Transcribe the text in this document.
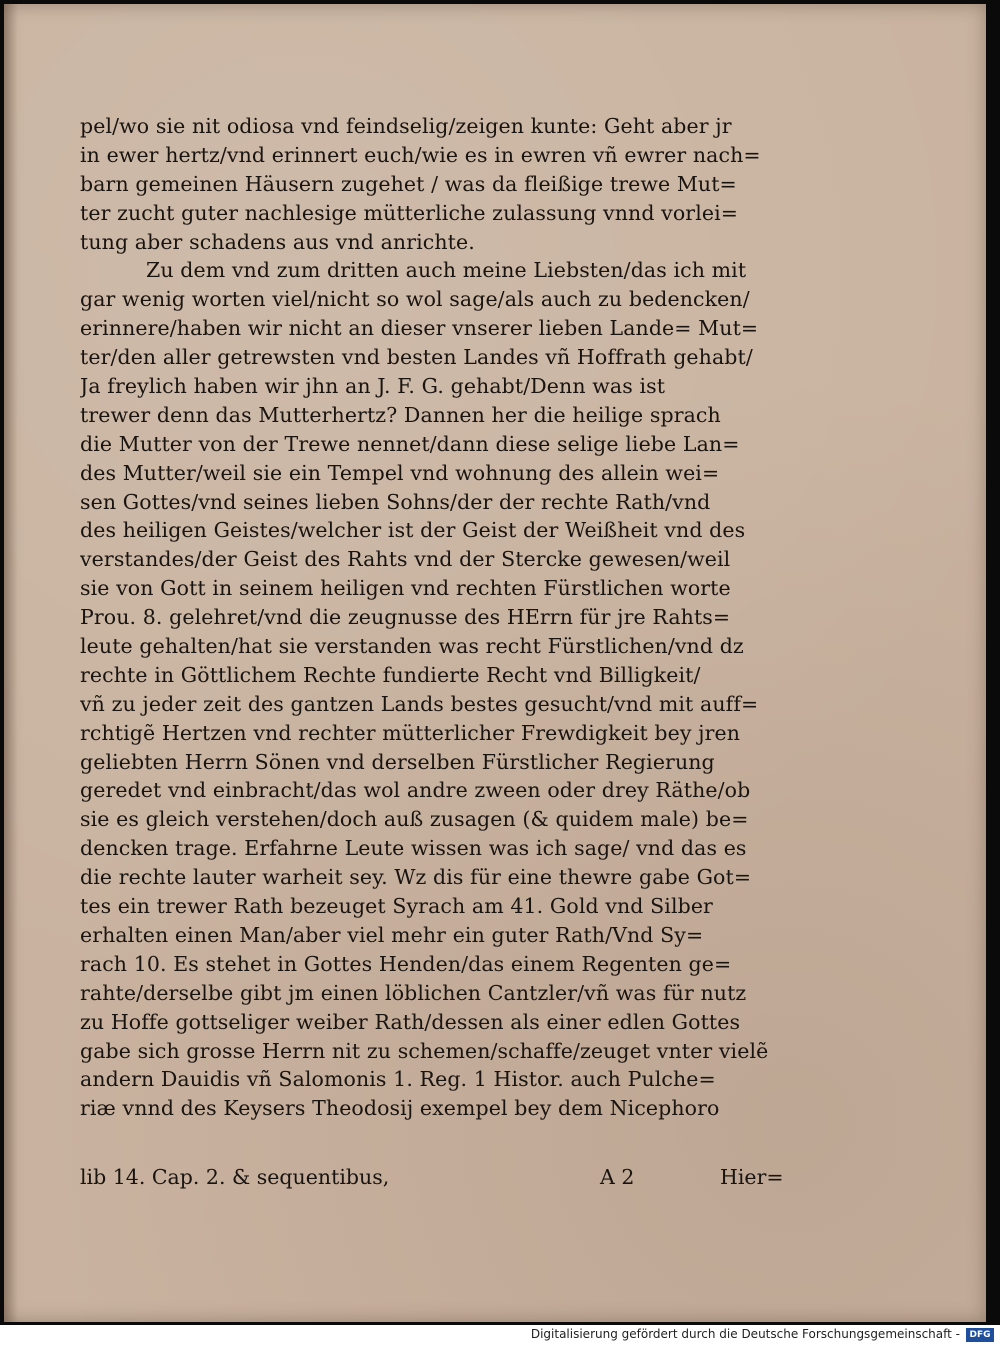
pel/wo sie nit odiosa vnd feindselig/zeigen kunte: Geht aber jr
in ewer hertz/vnd erinnert euch/wie es in ewren vñ ewrer nach=
barn gemeinen Häusern zugehet / was da fleißige trewe Mut=
ter zucht guter nachlesige mütterliche zulassung vnnd vorlei=
tung aber schadens aus vnd anrichte.
Zu dem vnd zum dritten auch meine Liebsten/das ich mit
gar wenig worten viel/nicht so wol sage/als auch zu bedencken/
erinnere/haben wir nicht an dieser vnserer lieben Lande= Mut=
ter/den aller getrewsten vnd besten Landes vñ Hoffrath gehabt/
Ja freylich haben wir jhn an J. F. G. gehabt/Denn was ist
trewer denn das Mutterhertz? Dannen her die heilige sprach
die Mutter von der Trewe nennet/dann diese selige liebe Lan=
des Mutter/weil sie ein Tempel vnd wohnung des allein wei=
sen Gottes/vnd seines lieben Sohns/der der rechte Rath/vnd
des heiligen Geistes/welcher ist der Geist der Weißheit vnd des
verstandes/der Geist des Rahts vnd der Stercke gewesen/weil
sie von Gott in seinem heiligen vnd rechten Fürstlichen worte
Prou. 8. gelehret/vnd die zeugnusse des HErrn für jre Rahts=
leute gehalten/hat sie verstanden was recht Fürstlichen/vnd dz
rechte in Göttlichem Rechte fundierte Recht vnd Billigkeit/
vñ zu jeder zeit des gantzen Lands bestes gesucht/vnd mit auff=
rchtigẽ Hertzen vnd rechter mütterlicher Frewdigkeit bey jren
geliebten Herrn Sönen vnd derselben Fürstlicher Regierung
geredet vnd einbracht/das wol andre zween oder drey Räthe/ob
sie es gleich verstehen/doch auß zusagen (& quidem male) be=
dencken trage. Erfahrne Leute wissen was ich sage/ vnd das es
die rechte lauter warheit sey. Wz dis für eine thewre gabe Got=
tes ein trewer Rath bezeuget Syrach am 41. Gold vnd Silber
erhalten einen Man/aber viel mehr ein guter Rath/Vnd Sy=
rach 10. Es stehet in Gottes Henden/das einem Regenten ge=
rahte/derselbe gibt jm einen löblichen Cantzler/vñ was für nutz
zu Hoffe gottseliger weiber Rath/dessen als einer edlen Gottes
gabe sich grosse Herrn nit zu schemen/schaffe/zeuget vnter vielẽ
andern Dauidis vñ Salomonis 1. Reg. 1 Histor. auch Pulche=
riæ vnnd des Keysers Theodosij exempel bey dem Nicephoro
lib 14. Cap. 2. & sequentibus,	A 2	Hier=
Digitalisierung gefördert durch die Deutsche Forschungsgemeinschaft -	DFG
